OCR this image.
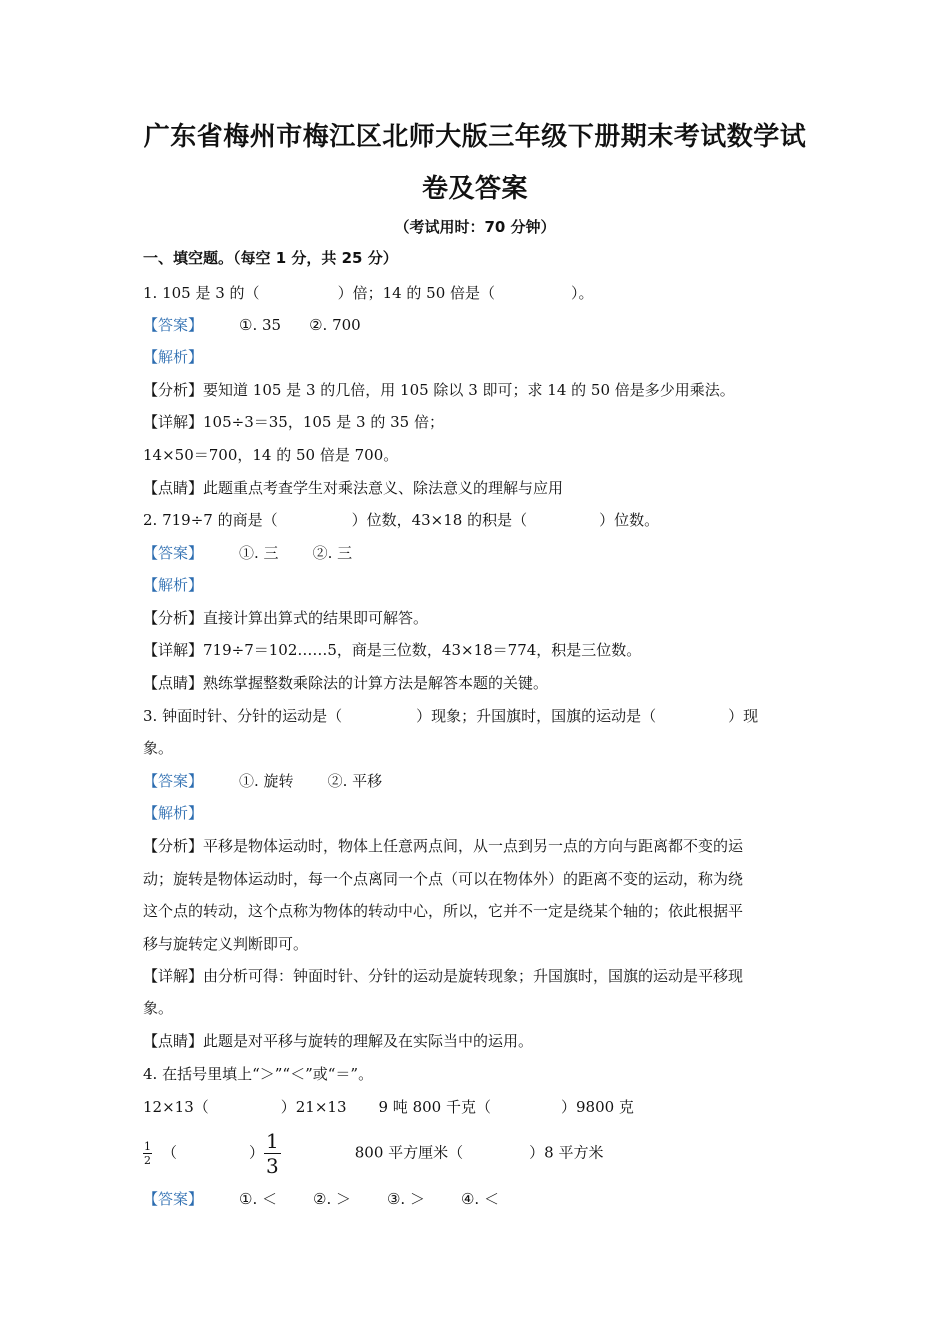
广东省梅州市梅江区北师大版三年级下册期末考试数学试
卷及答案
（考试用时：70 分钟）
一、填空题。（每空 1 分，共 25 分）
1. 105 是 3 的（	）倍；14 的 50 倍是（	）。
【答案】 ①. 35 ②. 700
【解析】
【分析】要知道 105 是 3 的几倍，用 105 除以 3 即可；求 14 的 50 倍是多少用乘法。
【详解】105÷3＝35，105 是 3 的 35 倍；
14×50＝700，14 的 50 倍是 700。
【点睛】此题重点考查学生对乘法意义、除法意义的理解与应用
2. 719÷7 的商是（	）位数，43×18 的积是（	）位数。
【答案】 ①. 三 ②. 三
【解析】
【分析】直接计算出算式的结果即可解答。
【详解】719÷7＝102……5，商是三位数，43×18＝774，积是三位数。
【点睛】熟练掌握整数乘除法的计算方法是解答本题的关键。
3. 钟面时针、分针的运动是（	）现象；升国旗时，国旗的运动是（	）现
象。
【答案】 ①. 旋转 ②. 平移
【解析】
【分析】平移是物体运动时，物体上任意两点间，从一点到另一点的方向与距离都不变的运
动；旋转是物体运动时，每一个点离同一个点（可以在物体外）的距离不变的运动，称为绕
这个点的转动，这个点称为物体的转动中心，所以，它并不一定是绕某个轴的；依此根据平
移与旋转定义判断即可。
【详解】由分析可得：钟面时针、分针的运动是旋转现象；升国旗时，国旗的运动是平移现
象。
【点睛】此题是对平移与旋转的理解及在实际当中的运用。
4. 在括号里填上“＞”“＜”或“＝”。
12×13（	）21×13 9 吨 800 千克（	）9800 克
$\frac{1}{2}$ （	） $\frac{1}{3}$	800 平方厘米（	）8 平方米
【答案】 ①. ＜ ②. ＞ ③. ＞ ④. ＜
